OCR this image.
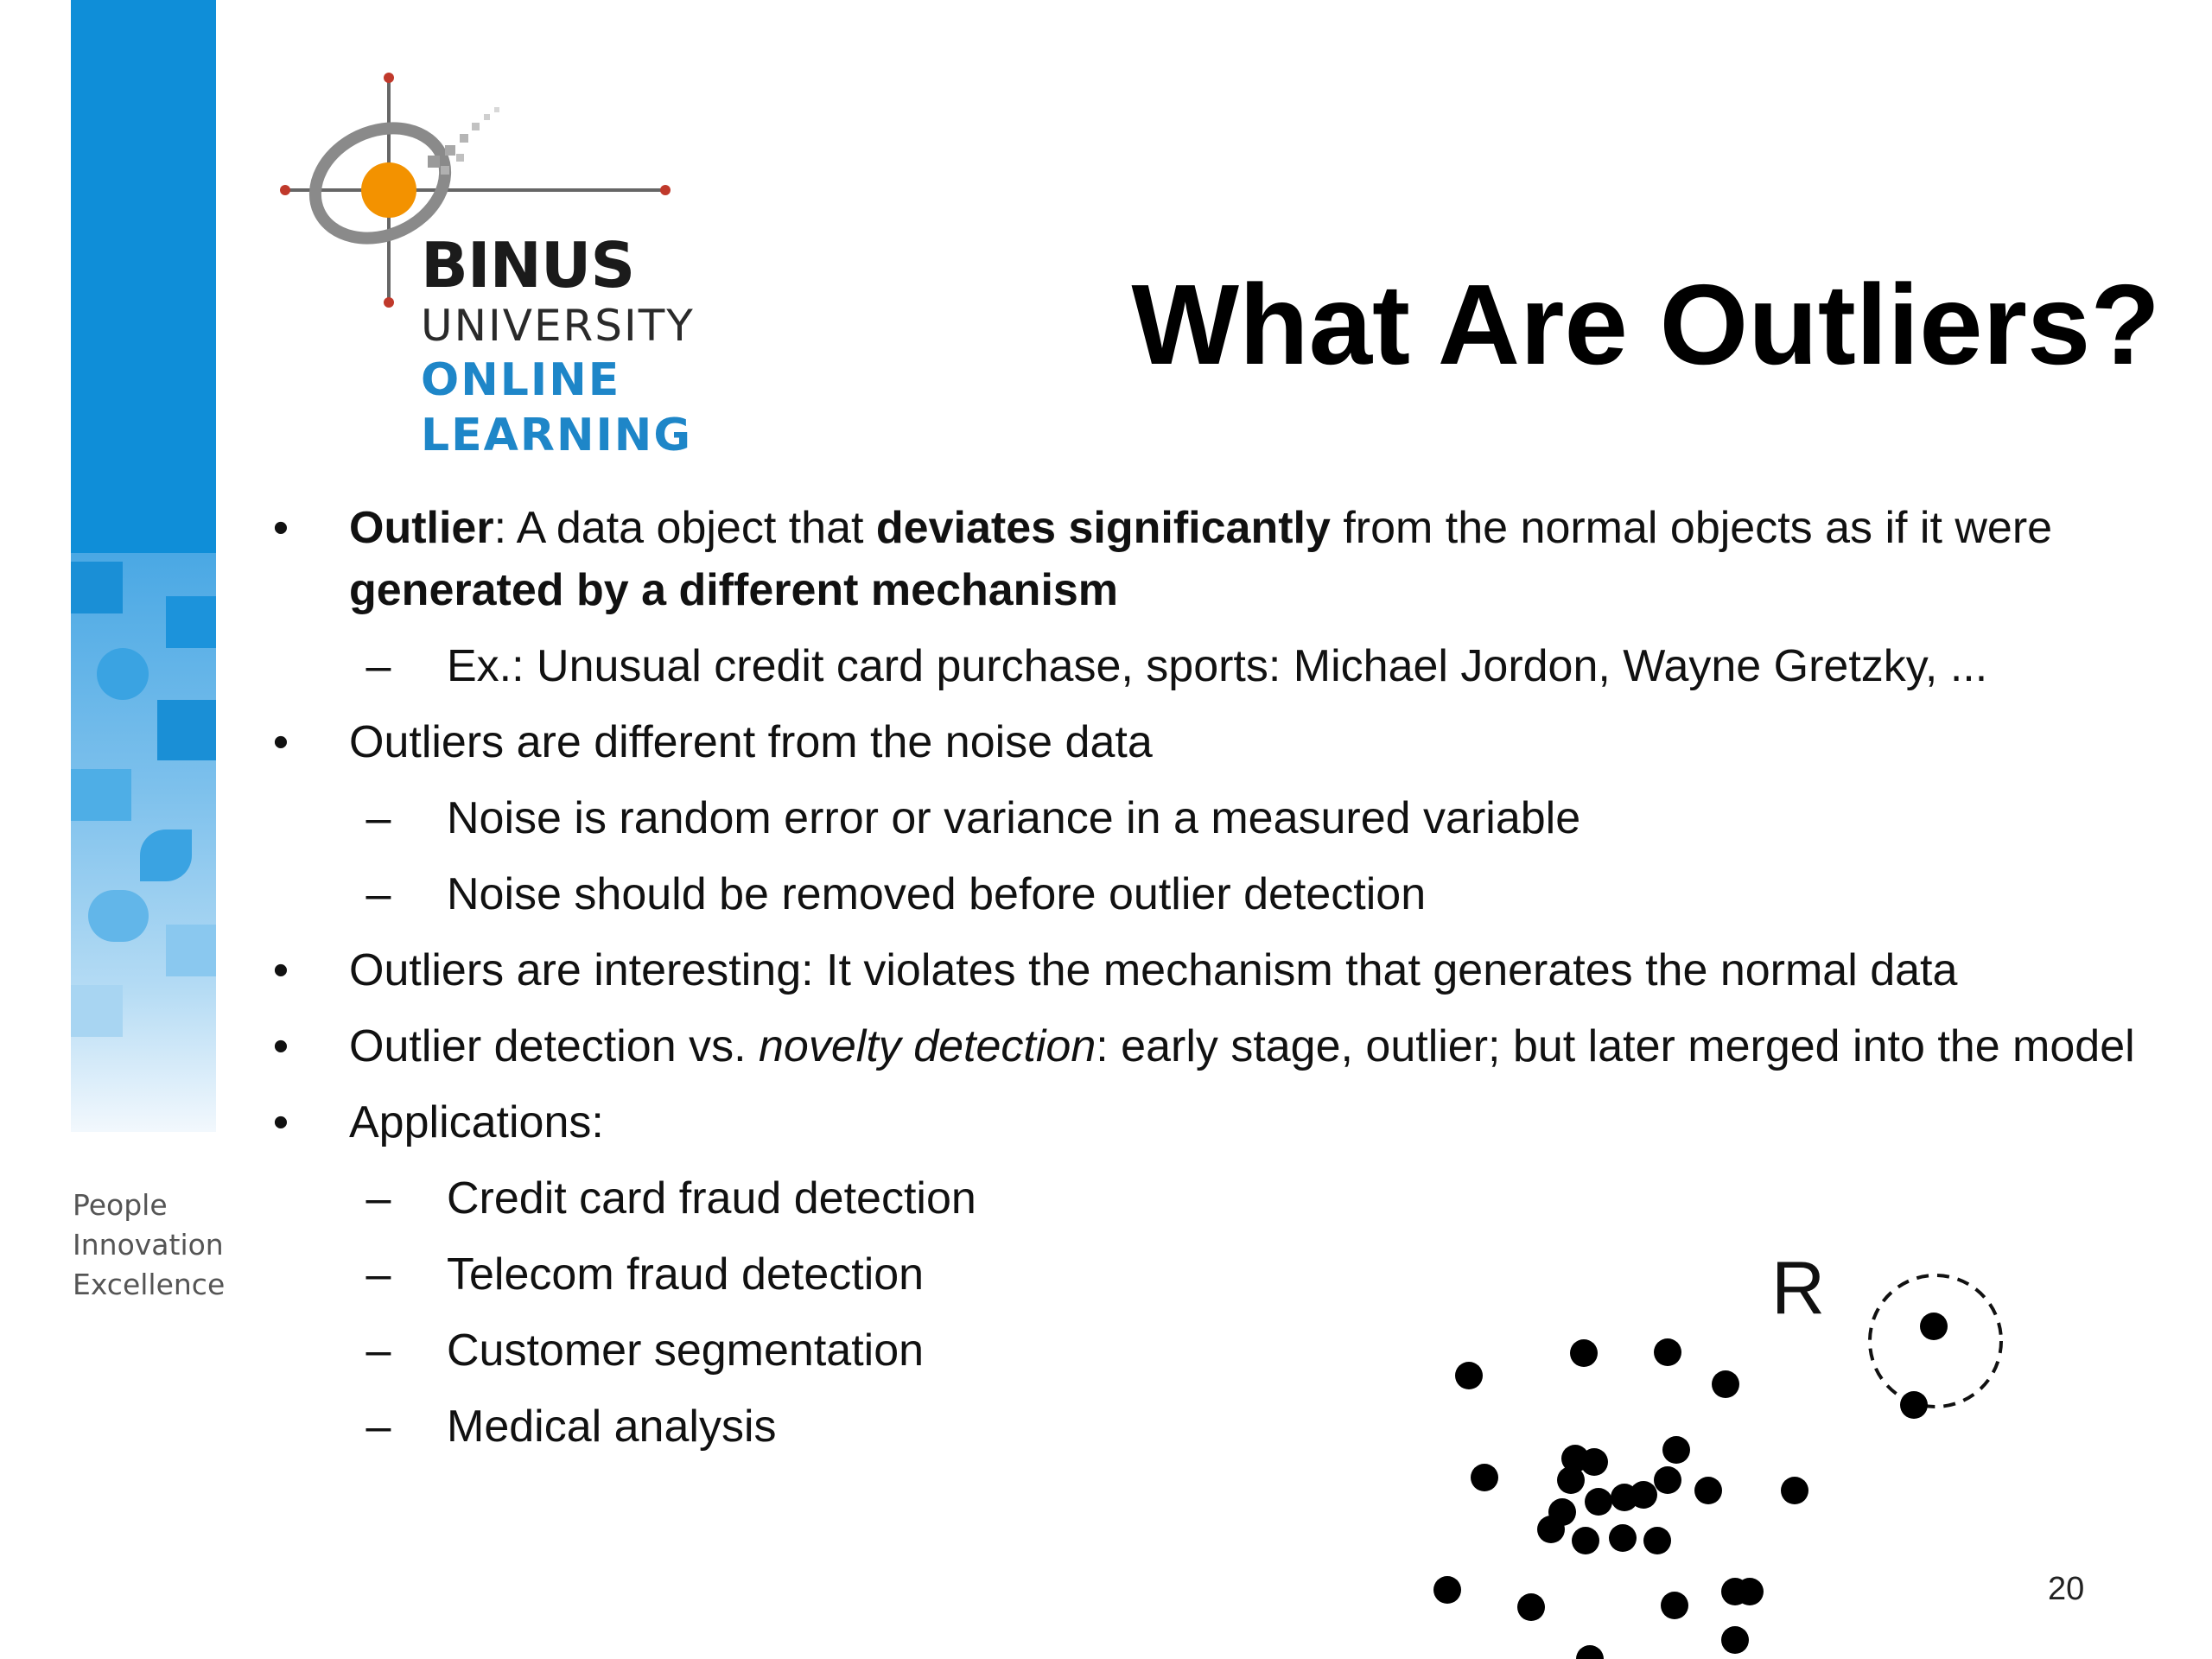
People
Innovation
Excellence
BINUS
UNIVERSITY
ONLINE
LEARNING
What Are Outliers?
•	Outlier: A data object that deviates significantly from the normal objects as if it were generated by a different mechanism
– Ex.: Unusual credit card purchase, sports: Michael Jordon, Wayne Gretzky, ...
•	Outliers are different from the noise data
– Noise is random error or variance in a measured variable
– Noise should be removed before outlier detection
•	Outliers are interesting: It violates the mechanism that generates the normal data
•	Outlier detection vs. novelty detection: early stage, outlier; but later merged into the model
•	Applications:
– Credit card fraud detection
– Telecom fraud detection
– Customer segmentation
– Medical analysis
R
20
